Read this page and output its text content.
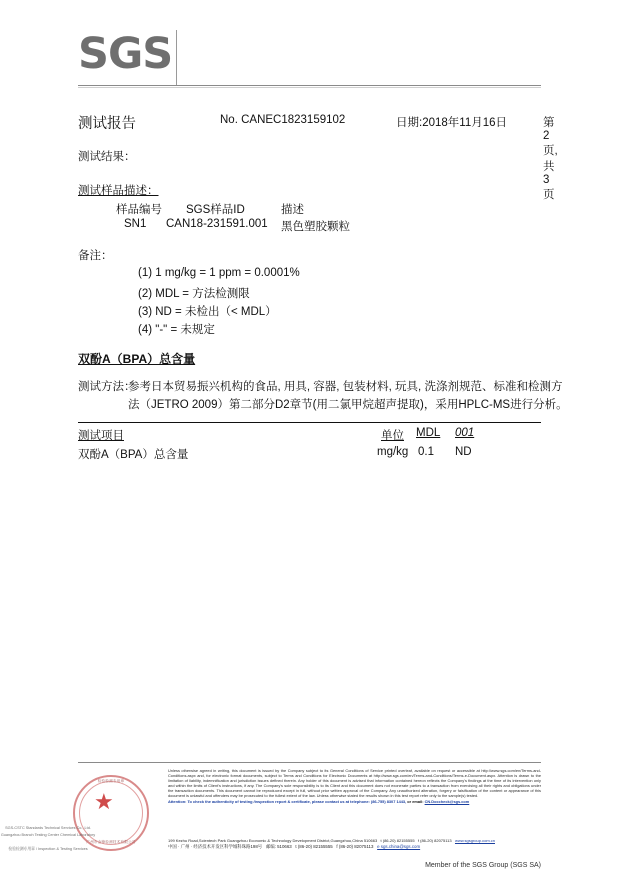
SGS
测试报告	No. CANEC1823159102	日期:2018年11月16日	第2页,共3页
测试结果：
测试样品描述：
样品编号 SGS样品ID	描述
SN1 CAN18-231591.001 黑色塑胶颗粒
备注：
(1) 1 mg/kg = 1 ppm = 0.0001%
(2) MDL = 方法检测限
(3) ND = 未检出（< MDL）
(4) "-" = 未规定
双酚A（BPA）总含量
测试方法：
参考日本贸易振兴机构的食品, 用具, 容器, 包装材料, 玩具, 洗涤剂规范、标准和检测方
法（JETRO 2009）第二部分D2章节(用二氯甲烷超声提取)，采用HPLC-MS进行分析。
测试项目	单位 MDL 001
双酚A（BPA）总含量	mg/kg 0.1 ND
检验检测专用章
★
广州市金锋检测技术有限公司
SGS-CSTC Standards Technical Services Co., Ltd.
Guangzhou Branch Testing Center Chemical Laboratory
检验检测专用章 / Inspection & Testing Services
Unless otherwise agreed in writing, this document is issued by the Company subject to its General Conditions of Service printed overleaf, available on request or accessible at http://www.sgs.com/en/Terms-and-Conditions.aspx and, for electronic format documents, subject to Terms and Conditions for Electronic Documents at http://www.sgs.com/en/Terms-and-Conditions/Terms-e-Document.aspx. Attention is drawn to the limitation of liability, indemnification and jurisdiction issues defined therein. Any holder of this document is advised that information contained hereon reflects the Company's findings at the time of its intervention only and within the limits of Client's instructions, if any. The Company's sole responsibility is to its Client and this document does not exonerate parties to a transaction from exercising all their rights and obligations under the transaction documents. This document cannot be reproduced except in full, without prior written approval of the Company. Any unauthorized alteration, forgery or falsification of the content or appearance of this document is unlawful and offenders may be prosecuted to the fullest extent of the law. Unless otherwise stated the results shown in this test report refer only to the sample(s) tested.
Attention: To check the authenticity of testing /inspection report & certificate, please contact us at telephone: (86-755) 8307 1443, or email: CN.Doccheck@sgs.com
199 Kezhu Road,Scientech Park Guangzhou Economic & Technology Development District,Guangzhou,China 510663 t (86-20) 82155555 f (86-20) 82075113 www.sgsgroup.com.cn
中国 · 广州 · 经济技术开发区科学城科珠路198号 邮编: 510663 t (86-20) 82155555 f (86-20) 82075113 e sgs.china@sgs.com
Member of the SGS Group (SGS SA)
